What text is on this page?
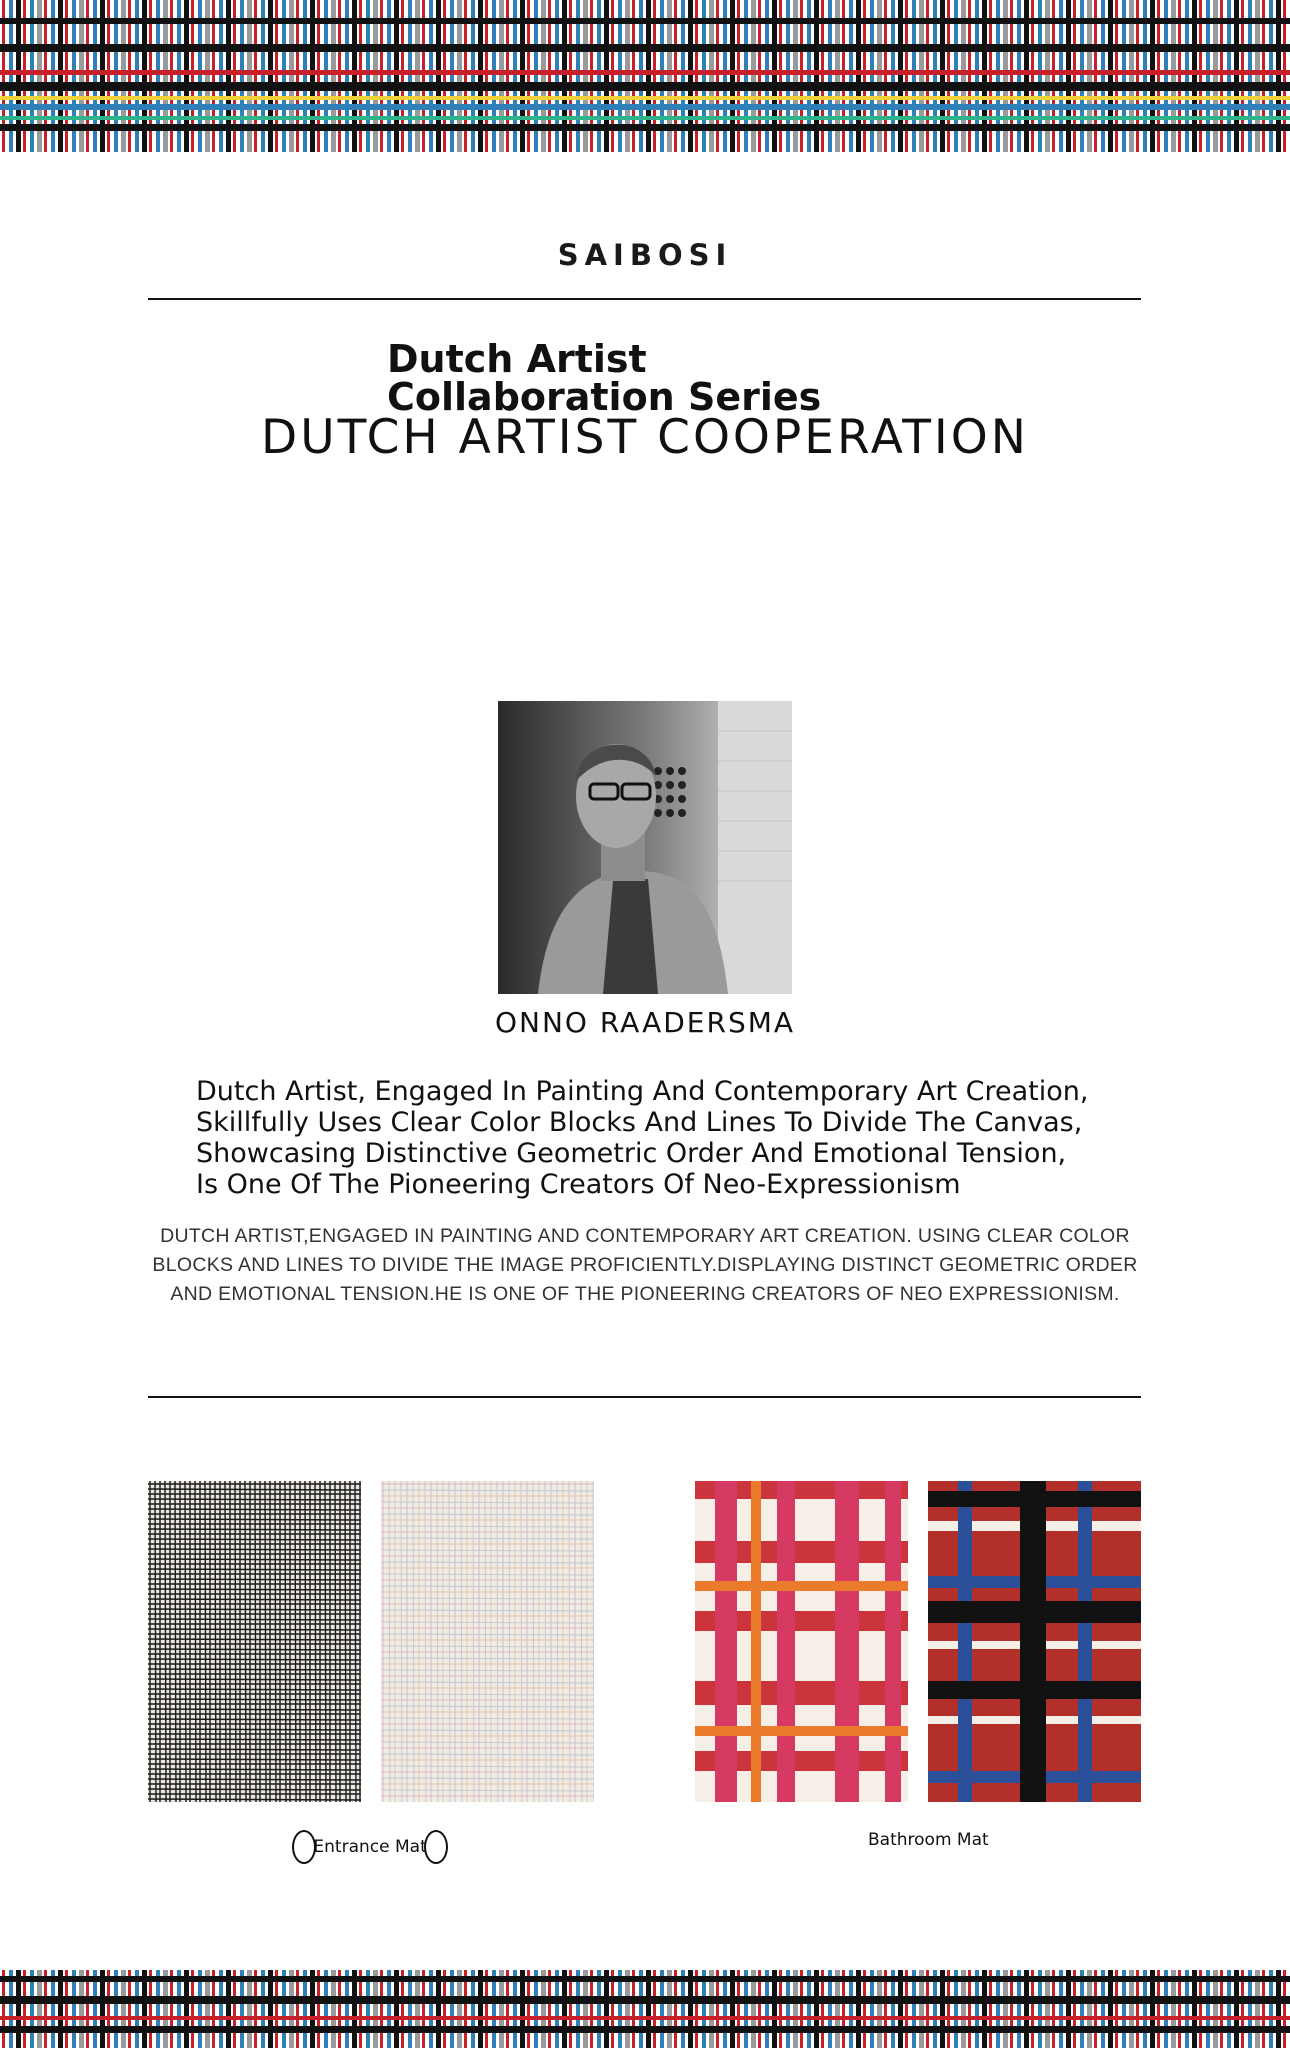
SAIBOSI
Dutch Artist Collaboration Series
DUTCH ARTIST COOPERATION
ONNO RAADERSMA
Dutch Artist, Engaged In Painting And Contemporary Art Creation, Skillfully Uses Clear Color Blocks And Lines To Divide The Canvas, Showcasing Distinctive Geometric Order And Emotional Tension, Is One Of The Pioneering Creators Of Neo-Expressionism
DUTCH ARTIST,ENGAGED IN PAINTING AND CONTEMPORARY ART CREATION. USING CLEAR COLOR BLOCKS AND LINES TO DIVIDE THE IMAGE PROFICIENTLY.DISPLAYING DISTINCT GEOMETRIC ORDER AND EMOTIONAL TENSION.HE IS ONE OF THE PIONEERING CREATORS OF NEO EXPRESSIONISM.
Entrance Mat	Bathroom Mat
